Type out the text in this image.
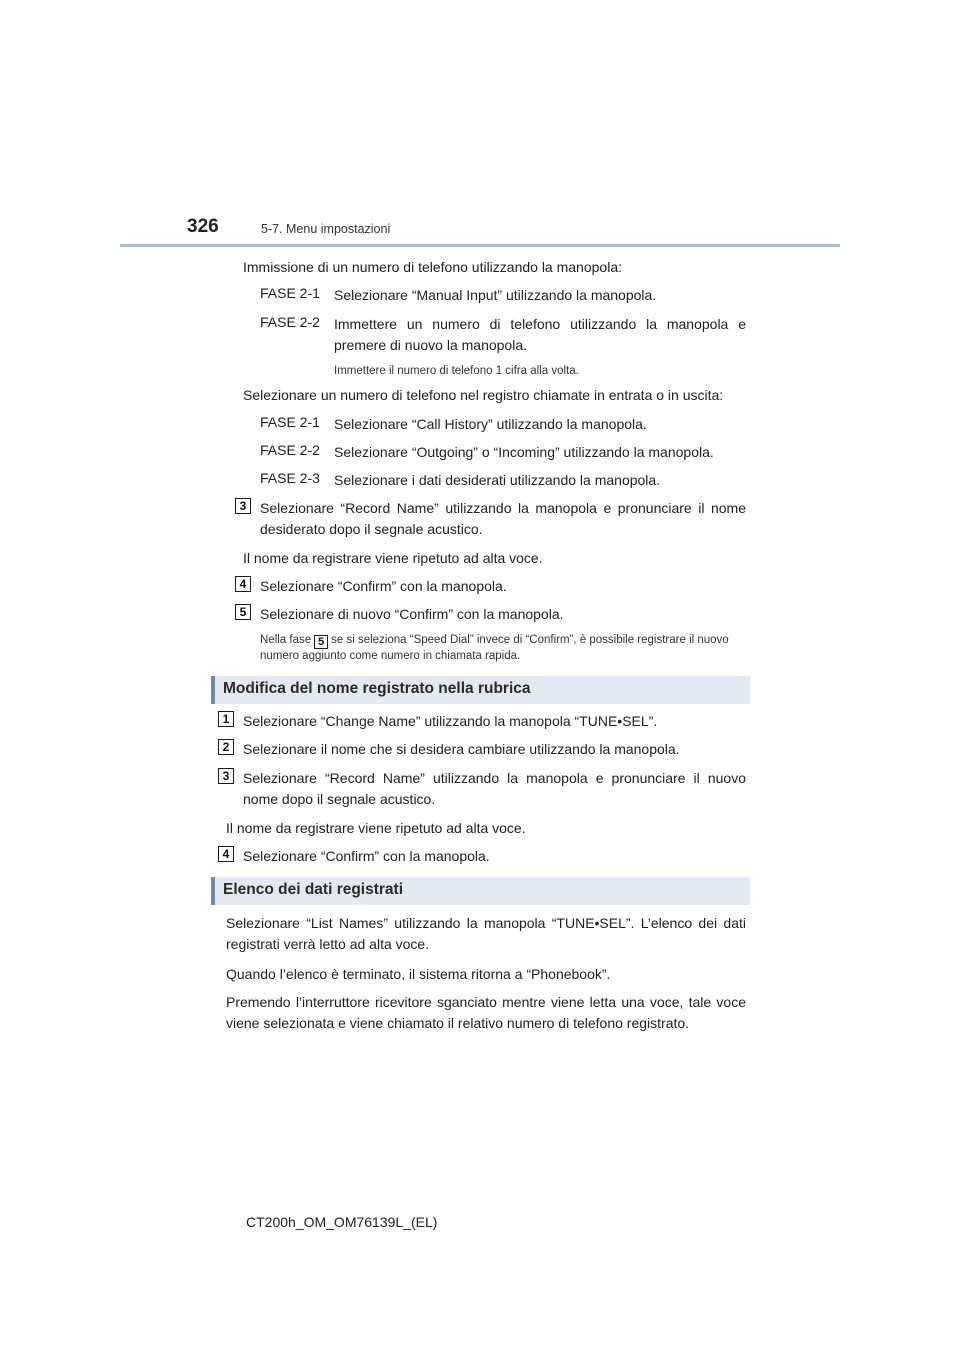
326	5-7. Menu impostazioni
Immissione di un numero di telefono utilizzando la manopola:
FASE 2-1 Selezionare “Manual Input” utilizzando la manopola.
FASE 2-2 Immettere un numero di telefono utilizzando la manopola e premere di nuovo la manopola.
Immettere il numero di telefono 1 cifra alla volta.
Selezionare un numero di telefono nel registro chiamate in entrata o in uscita:
FASE 2-1 Selezionare “Call History” utilizzando la manopola.
FASE 2-2 Selezionare “Outgoing” o “Incoming” utilizzando la manopola.
FASE 2-3 Selezionare i dati desiderati utilizzando la manopola.
3 Selezionare “Record Name” utilizzando la manopola e pronunciare il nome desiderato dopo il segnale acustico.
Il nome da registrare viene ripetuto ad alta voce.
4 Selezionare “Confirm” con la manopola.
5 Selezionare di nuovo “Confirm” con la manopola.
Nella fase 5 se si seleziona “Speed Dial” invece di “Confirm”, è possibile registrare il nuovo numero aggiunto come numero in chiamata rapida.
Modifica del nome registrato nella rubrica
1 Selezionare “Change Name” utilizzando la manopola “TUNE•SEL”.
2 Selezionare il nome che si desidera cambiare utilizzando la manopola.
3 Selezionare “Record Name” utilizzando la manopola e pronunciare il nuovo nome dopo il segnale acustico.
Il nome da registrare viene ripetuto ad alta voce.
4 Selezionare “Confirm” con la manopola.
Elenco dei dati registrati
Selezionare “List Names” utilizzando la manopola “TUNE•SEL”. L’elenco dei dati registrati verrà letto ad alta voce.
Quando l’elenco è terminato, il sistema ritorna a “Phonebook”.
Premendo l’interruttore ricevitore sganciato mentre viene letta una voce, tale voce viene selezionata e viene chiamato il relativo numero di telefono registrato.
CT200h_OM_OM76139L_(EL)
